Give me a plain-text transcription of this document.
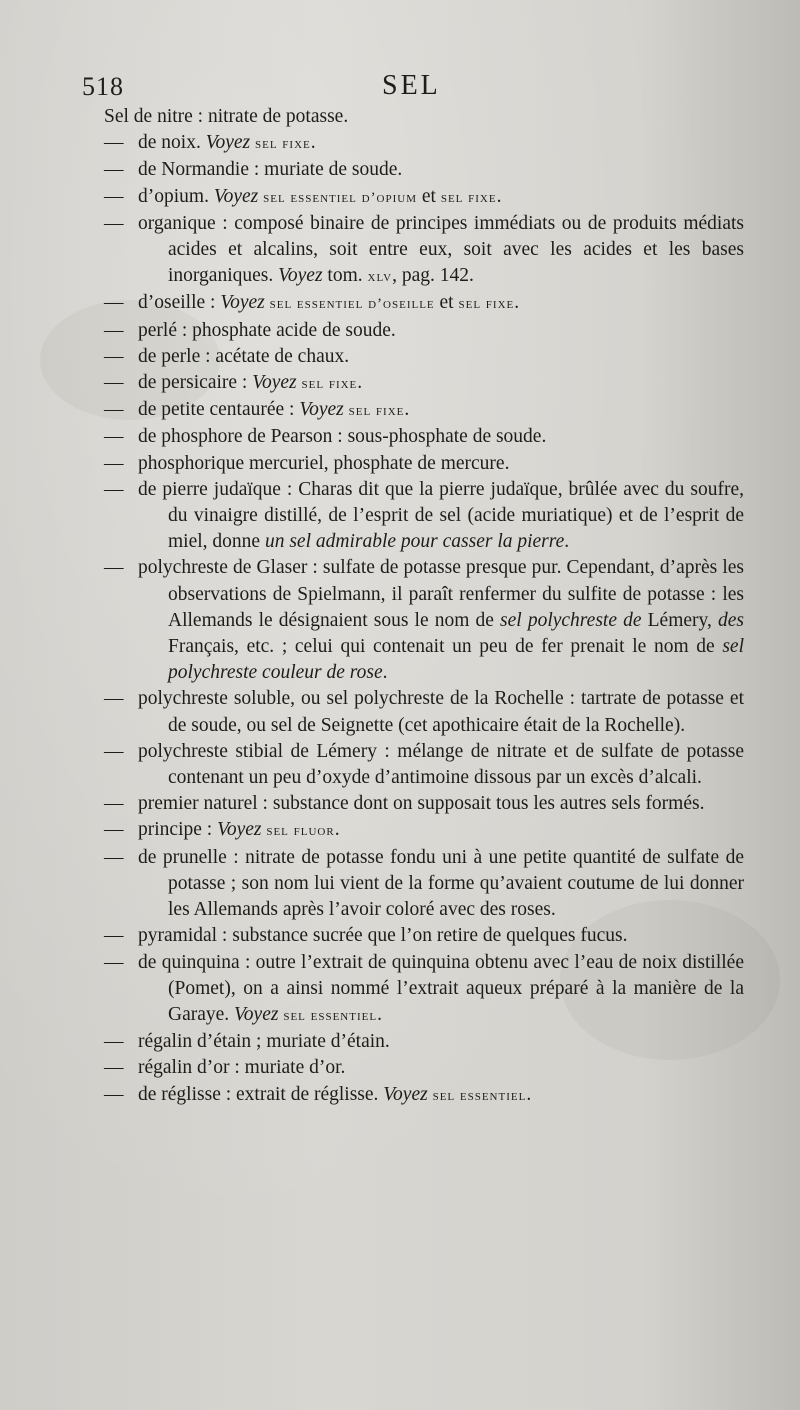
518	SEL

Sel de nitre : nitrate de potasse.

— de noix. Voyez sel fixe.

— de Normandie : muriate de soude.

— d’opium. Voyez sel essentiel d’opium et sel fixe.

— organique : composé binaire de principes immédiats ou de produits médiats acides et alcalins, soit entre eux, soit avec les acides et les bases inorganiques. Voyez tom. xlv, pag. 142.

— d’oseille : Voyez sel essentiel d’oseille et sel fixe.

— perlé : phosphate acide de soude.

— de perle : acétate de chaux.

— de persicaire : Voyez sel fixe.

— de petite centaurée : Voyez sel fixe.

— de phosphore de Pearson : sous-phosphate de soude.

— phosphorique mercuriel, phosphate de mercure.

— de pierre judaïque : Charas dit que la pierre judaïque, brûlée avec du soufre, du vinaigre distillé, de l’esprit de sel (acide muriatique) et de l’esprit de miel, donne un sel admirable pour casser la pierre.

— polychreste de Glaser : sulfate de potasse presque pur. Cependant, d’après les observations de Spielmann, il paraît renfermer du sulfite de potasse : les Allemands le désignaient sous le nom de sel polychreste de Lémery, des Français, etc. ; celui qui contenait un peu de fer prenait le nom de sel polychreste couleur de rose.

— polychreste soluble, ou sel polychreste de la Rochelle : tartrate de potasse et de soude, ou sel de Seignette (cet apothicaire était de la Rochelle).

— polychreste stibial de Lémery : mélange de nitrate et de sulfate de potasse contenant un peu d’oxyde d’antimoine dissous par un excès d’alcali.

— premier naturel : substance dont on supposait tous les autres sels formés.

— principe : Voyez sel fluor.

— de prunelle : nitrate de potasse fondu uni à une petite quantité de sulfate de potasse ; son nom lui vient de la forme qu’avaient coutume de lui donner les Allemands après l’avoir coloré avec des roses.

— pyramidal : substance sucrée que l’on retire de quelques fucus.

— de quinquina : outre l’extrait de quinquina obtenu avec l’eau de noix distillée (Pomet), on a ainsi nommé l’extrait aqueux préparé à la manière de la Garaye. Voyez sel essentiel.

— régalin d’étain ; muriate d’étain.

— régalin d’or : muriate d’or.

— de réglisse : extrait de réglisse. Voyez sel essentiel.
